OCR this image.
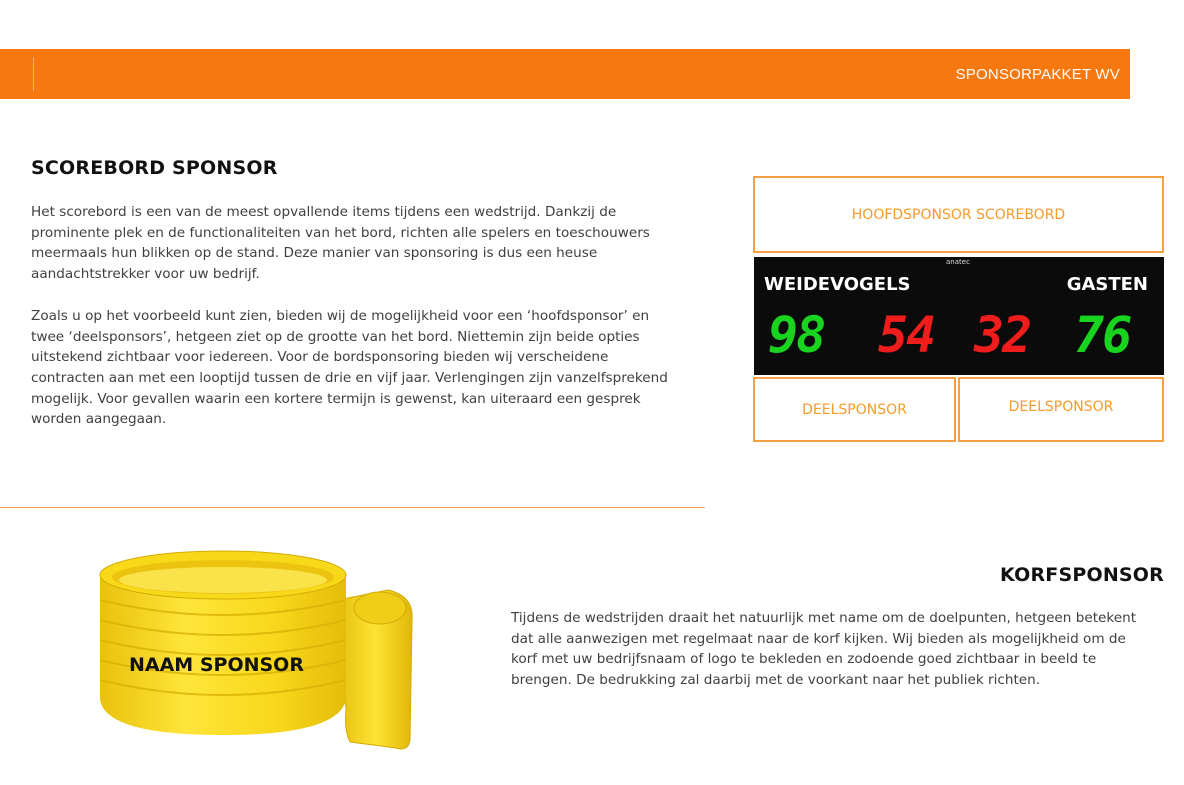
SPONSORPAKKET WV
SCOREBORD SPONSOR

Het scorebord is een van de meest opvallende items tijdens een wedstrijd. Dankzij de prominente plek en de functionaliteiten van het bord, richten alle spelers en toeschouwers meermaals hun blikken op de stand. Deze manier van sponsoring is dus een heuse aandachtstrekker voor uw bedrijf.

Zoals u op het voorbeeld kunt zien, bieden wij de mogelijkheid voor een ‘hoofdsponsor’ en twee ‘deelsponsors’, hetgeen ziet op de grootte van het bord. Niettemin zijn beide opties uitstekend zichtbaar voor iedereen. Voor de bordsponsoring bieden wij verscheidene contracten aan met een looptijd tussen de drie en vijf jaar. Verlengingen zijn vanzelfsprekend mogelijk. Voor gevallen waarin een kortere termijn is gewenst, kan uiteraard een gesprek worden aangegaan.

HOOFDSPONSOR SCOREBORD
anatec
WEIDEVOGELS	GASTEN
98 54 32 76
DEELSPONSOR	DEELSPONSOR
NAAM SPONSOR
KORFSPONSOR

Tijdens de wedstrijden draait het natuurlijk met name om de doelpunten, hetgeen betekent dat alle aanwezigen met regelmaat naar de korf kijken. Wij bieden als mogelijkheid om de korf met uw bedrijfsnaam of logo te bekleden en zodoende goed zichtbaar in beeld te brengen. De bedrukking zal daarbij met de voorkant naar het publiek richten.
